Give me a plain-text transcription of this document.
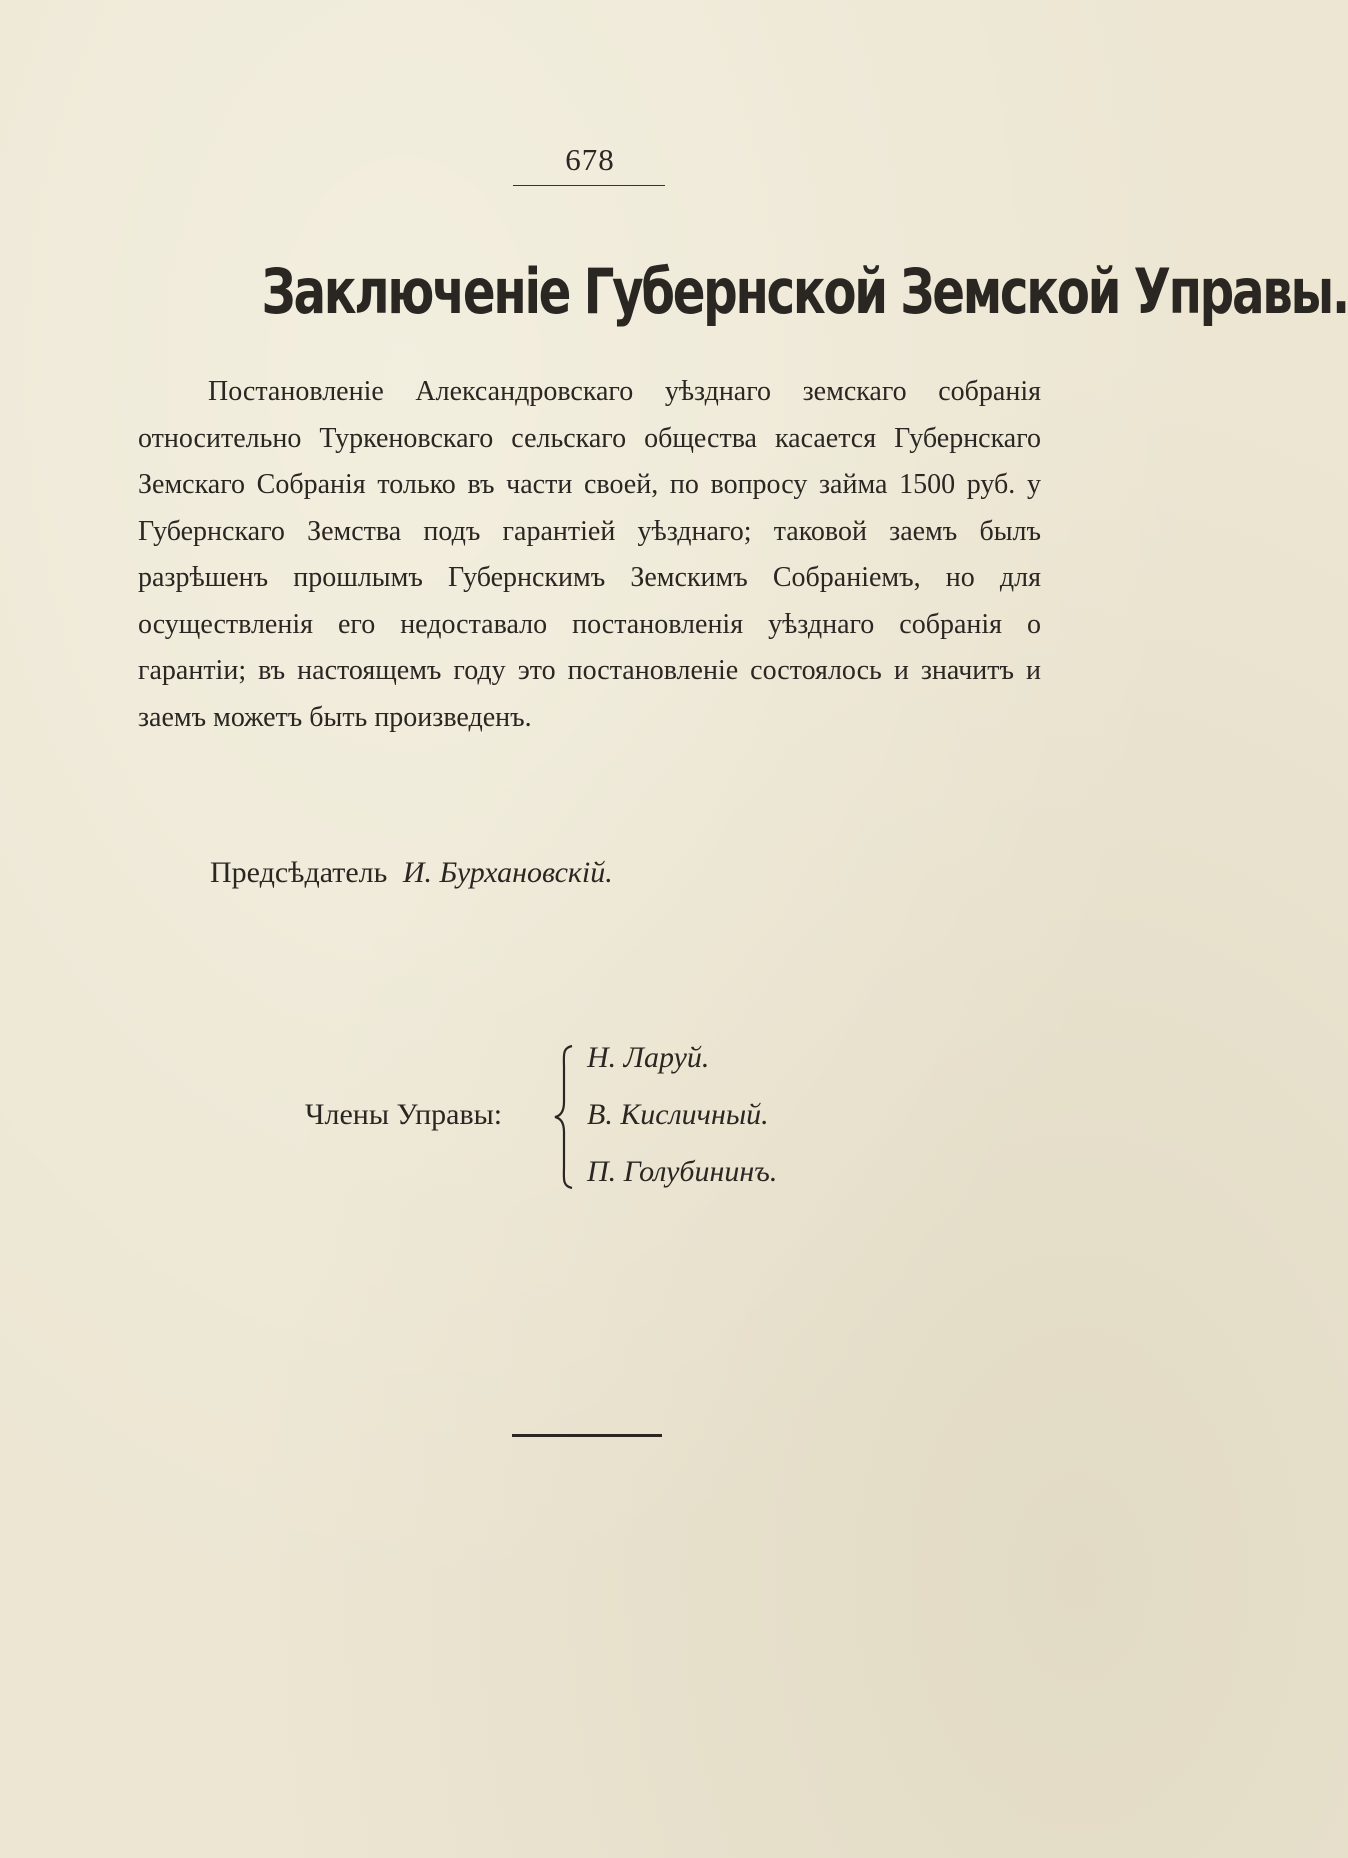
678
Заключеніе Губернской Земской Управы.

Постановленіе Александровскаго уѣзднаго земскаго собранія относительно Туркеновскаго сельскаго общества касается Губернскаго Земскаго Собранія только въ части своей, по вопросу займа 1500 руб. у Губернскаго Земства подъ гарантіей уѣзднаго; таковой заемъ былъ разрѣшенъ прошлымъ Губернскимъ Земскимъ Собраніемъ, но для осуществленія его недоставало постановленія уѣзднаго собранія о гарантіи; въ настоящемъ году это постановленіе состоялось и значитъ и заемъ можетъ быть произведенъ.

Предсѣдатель И. Бурхановскій.
Члены Управы:
Н. Ларуй.
В. Кисличный.
П. Голубининъ.
